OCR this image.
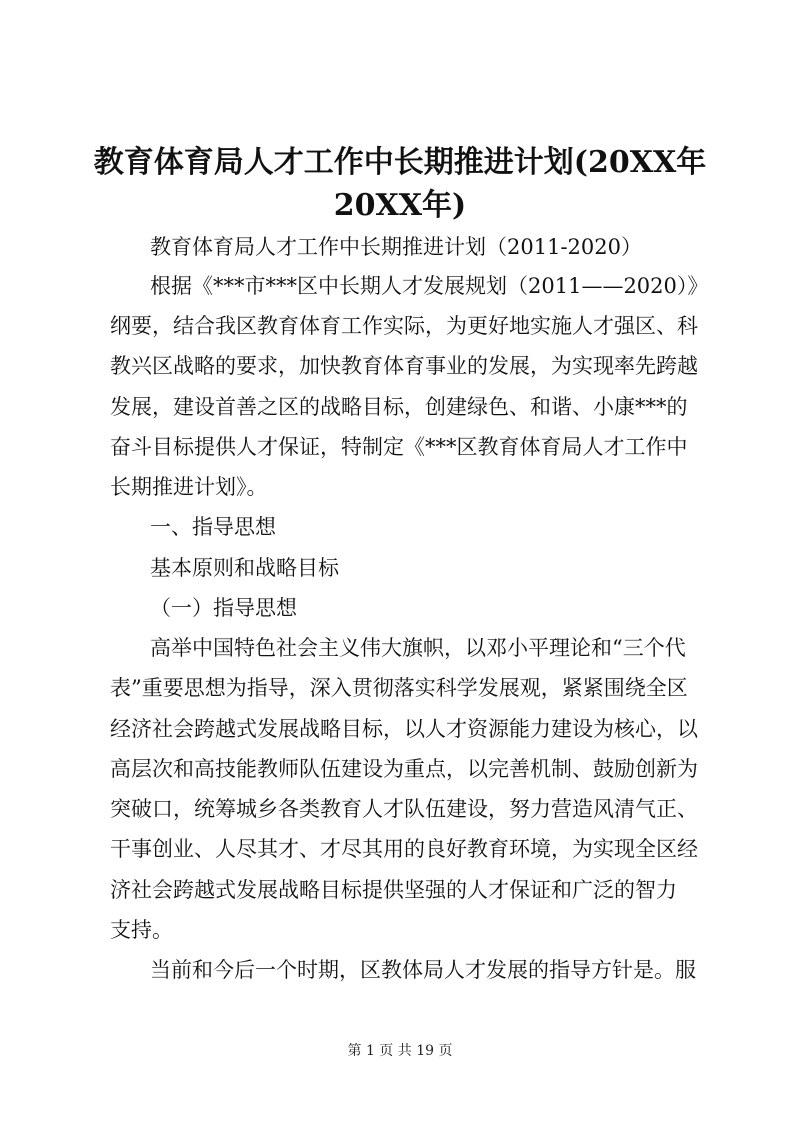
教育体育局人才工作中长期推进计划(20XX年
20XX年)
教育体育局人才工作中长期推进计划（2011-2020）
根据《***市***区中长期人才发展规划（2011——2020）》
纲要，结合我区教育体育工作实际，为更好地实施人才强区、科
教兴区战略的要求，加快教育体育事业的发展，为实现率先跨越
发展，建设首善之区的战略目标，创建绿色、和谐、小康***的
奋斗目标提供人才保证，特制定《***区教育体育局人才工作中
长期推进计划》。
一、指导思想
基本原则和战略目标
（一）指导思想
高举中国特色社会主义伟大旗帜，以邓小平理论和“三个代
表”重要思想为指导，深入贯彻落实科学发展观，紧紧围绕全区
经济社会跨越式发展战略目标，以人才资源能力建设为核心，以
高层次和高技能教师队伍建设为重点，以完善机制、鼓励创新为
突破口，统筹城乡各类教育人才队伍建设，努力营造风清气正、
干事创业、人尽其才、才尽其用的良好教育环境，为实现全区经
济社会跨越式发展战略目标提供坚强的人才保证和广泛的智力
支持。
当前和今后一个时期，区教体局人才发展的指导方针是。服
第 1 页 共 19 页
